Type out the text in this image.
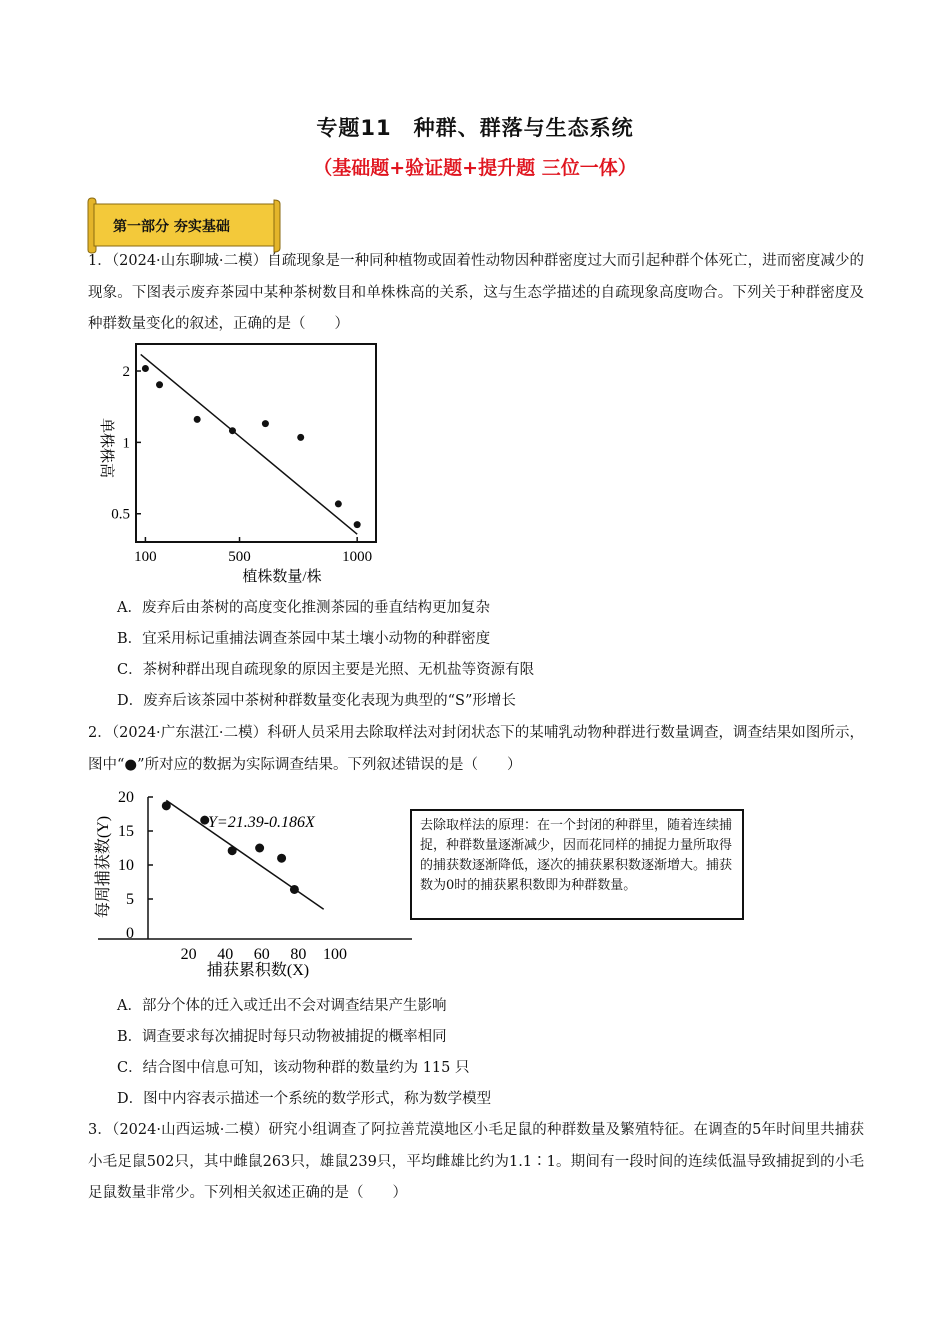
专题11　种群、群落与生态系统
（基础题+验证题+提升题 三位一体）
第一部分 夯实基础
1．（2024·山东聊城·二模）自疏现象是一种同种植物或固着性动物因种群密度过大而引起种群个体死亡，进而密度减少的现象。下图表示废弃茶园中某种茶树数目和单株株高的关系，这与生态学描述的自疏现象高度吻合。下列关于种群密度及种群数量变化的叙述，正确的是（　　）
2
1
0.5
100	500	1000
植株数量/株
单株株高
A．废弃后由茶树的高度变化推测茶园的垂直结构更加复杂
B．宜采用标记重捕法调查茶园中某土壤小动物的种群密度
C．茶树种群出现自疏现象的原因主要是光照、无机盐等资源有限
D．废弃后该茶园中茶树种群数量变化表现为典型的“S”形增长
2．（2024·广东湛江·二模）科研人员采用去除取样法对封闭状态下的某哺乳动物种群进行数量调查，调查结果如图所示，图中“●”所对应的数据为实际调查结果。下列叙述错误的是（　　）
0
5
10
15
20
20 40 60 80 100
Y=21.39-0.186X
捕获累积数(X)
每周捕获数(Y)	去除取样法的原理：在一个封闭的种群里，随着连续捕捉，种群数量逐渐减少，因而花同样的捕捉力量所取得的捕获数逐渐降低，逐次的捕获累积数逐渐增大。捕获数为0时的捕获累积数即为种群数量。
A．部分个体的迁入或迁出不会对调查结果产生影响
B．调查要求每次捕捉时每只动物被捕捉的概率相同
C．结合图中信息可知，该动物种群的数量约为 115 只
D．图中内容表示描述一个系统的数学形式，称为数学模型
3．（2024·山西运城·二模）研究小组调查了阿拉善荒漠地区小毛足鼠的种群数量及繁殖特征。在调查的5年时间里共捕获小毛足鼠502只，其中雌鼠263只，雄鼠239只，平均雌雄比约为1.1∶1。期间有一段时间的连续低温导致捕捉到的小毛足鼠数量非常少。下列相关叙述正确的是（　　）
